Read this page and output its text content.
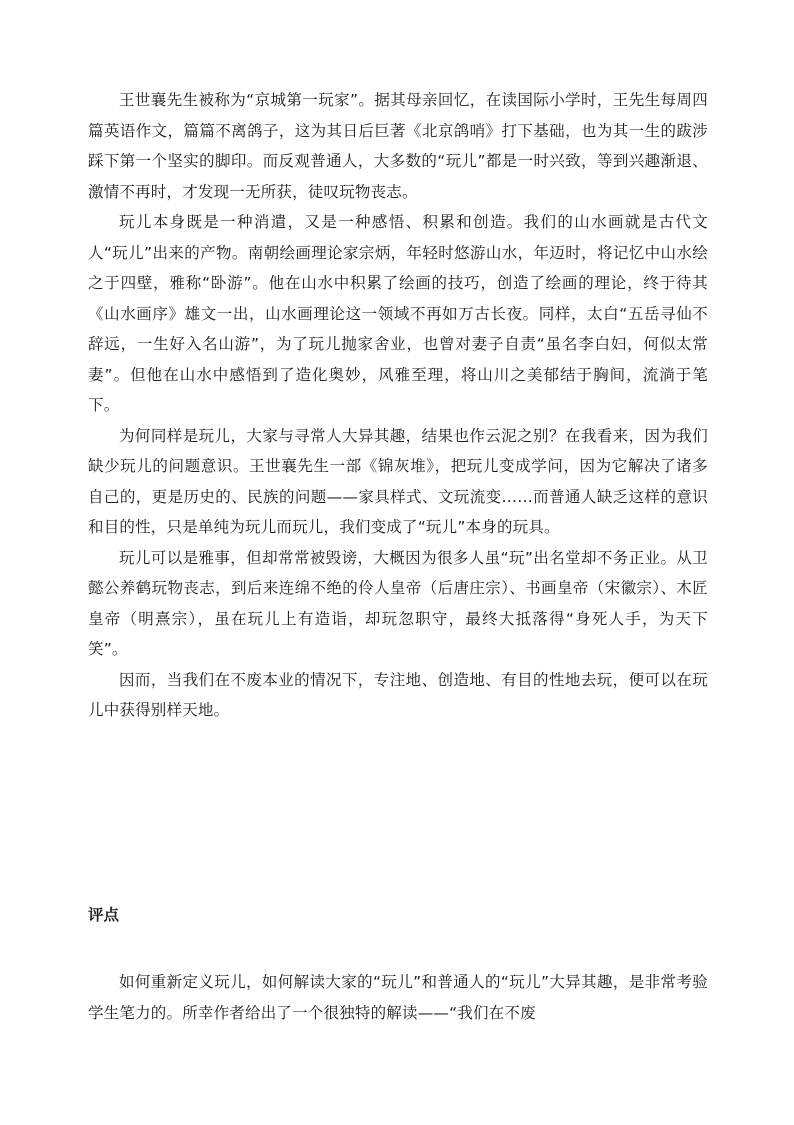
王世襄先生被称为“京城第一玩家”。据其母亲回忆，在读国际小学时，王先生每周四篇英语作文，篇篇不离鸽子，这为其日后巨著《北京鸽哨》打下基础，也为其一生的跋涉踩下第一个坚实的脚印。而反观普通人，大多数的“玩儿”都是一时兴致，等到兴趣渐退、激情不再时，才发现一无所获，徒叹玩物丧志。

玩儿本身既是一种消遣，又是一种感悟、积累和创造。我们的山水画就是古代文人“玩儿”出来的产物。南朝绘画理论家宗炳，年轻时悠游山水，年迈时，将记忆中山水绘之于四壁，雅称“卧游”。他在山水中积累了绘画的技巧，创造了绘画的理论，终于待其《山水画序》雄文一出，山水画理论这一领域不再如万古长夜。同样，太白“五岳寻仙不辞远，一生好入名山游”，为了玩儿抛家舍业，也曾对妻子自责“虽名李白妇，何似太常妻”。但他在山水中感悟到了造化奥妙，风雅至理，将山川之美郁结于胸间，流淌于笔下。

为何同样是玩儿，大家与寻常人大异其趣，结果也作云泥之别？在我看来，因为我们缺少玩儿的问题意识。王世襄先生一部《锦灰堆》，把玩儿变成学问，因为它解决了诸多自己的，更是历史的、民族的问题——家具样式、文玩流变……而普通人缺乏这样的意识和目的性，只是单纯为玩儿而玩儿，我们变成了“玩儿”本身的玩具。

玩儿可以是雅事，但却常常被毁谤，大概因为很多人虽“玩”出名堂却不务正业。从卫懿公养鹤玩物丧志，到后来连绵不绝的伶人皇帝（后唐庄宗）、书画皇帝（宋徽宗）、木匠皇帝（明熹宗），虽在玩儿上有造诣，却玩忽职守，最终大抵落得“身死人手，为天下笑”。

因而，当我们在不废本业的情况下，专注地、创造地、有目的性地去玩，便可以在玩儿中获得别样天地。

评点

如何重新定义玩儿，如何解读大家的“玩儿”和普通人的“玩儿”大异其趣，是非常考验学生笔力的。所幸作者给出了一个很独特的解读——“我们在不废
